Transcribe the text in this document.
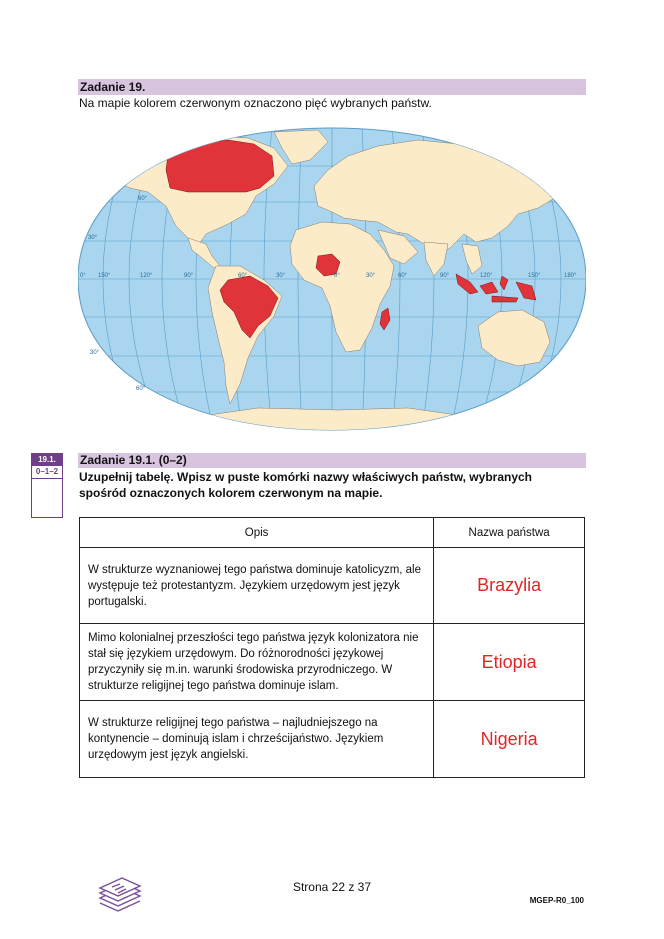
Zadanie 19.
Na mapie kolorem czerwonym oznaczono pięć wybranych państw.
150°	120°	90°	60°	30°	0°	30°	60°	90°	120°	150°	180°
60°
30°
0°
30°
60°
19.1.
0–1–2
Zadanie 19.1. (0–2)
Uzupełnij tabelę. Wpisz w puste komórki nazwy właściwych państw, wybranych spośród oznaczonych kolorem czerwonym na mapie.
Opis	Nazwa państwa
W strukturze wyznaniowej tego państwa dominuje katolicyzm, ale występuje też protestantyzm. Językiem urzędowym jest język portugalski.	Brazylia
Mimo kolonialnej przeszłości tego państwa język kolonizatora nie stał się językiem urzędowym. Do różnorodności językowej przyczyniły się m.in. warunki środowiska przyrodniczego. W strukturze religijnej tego państwa dominuje islam.	Etiopia
W strukturze religijnej tego państwa – najludniejszego na kontynencie – dominują islam i chrześcijaństwo. Językiem urzędowym jest język angielski.	Nigeria
Strona 22 z 37
MGEP-R0_100
